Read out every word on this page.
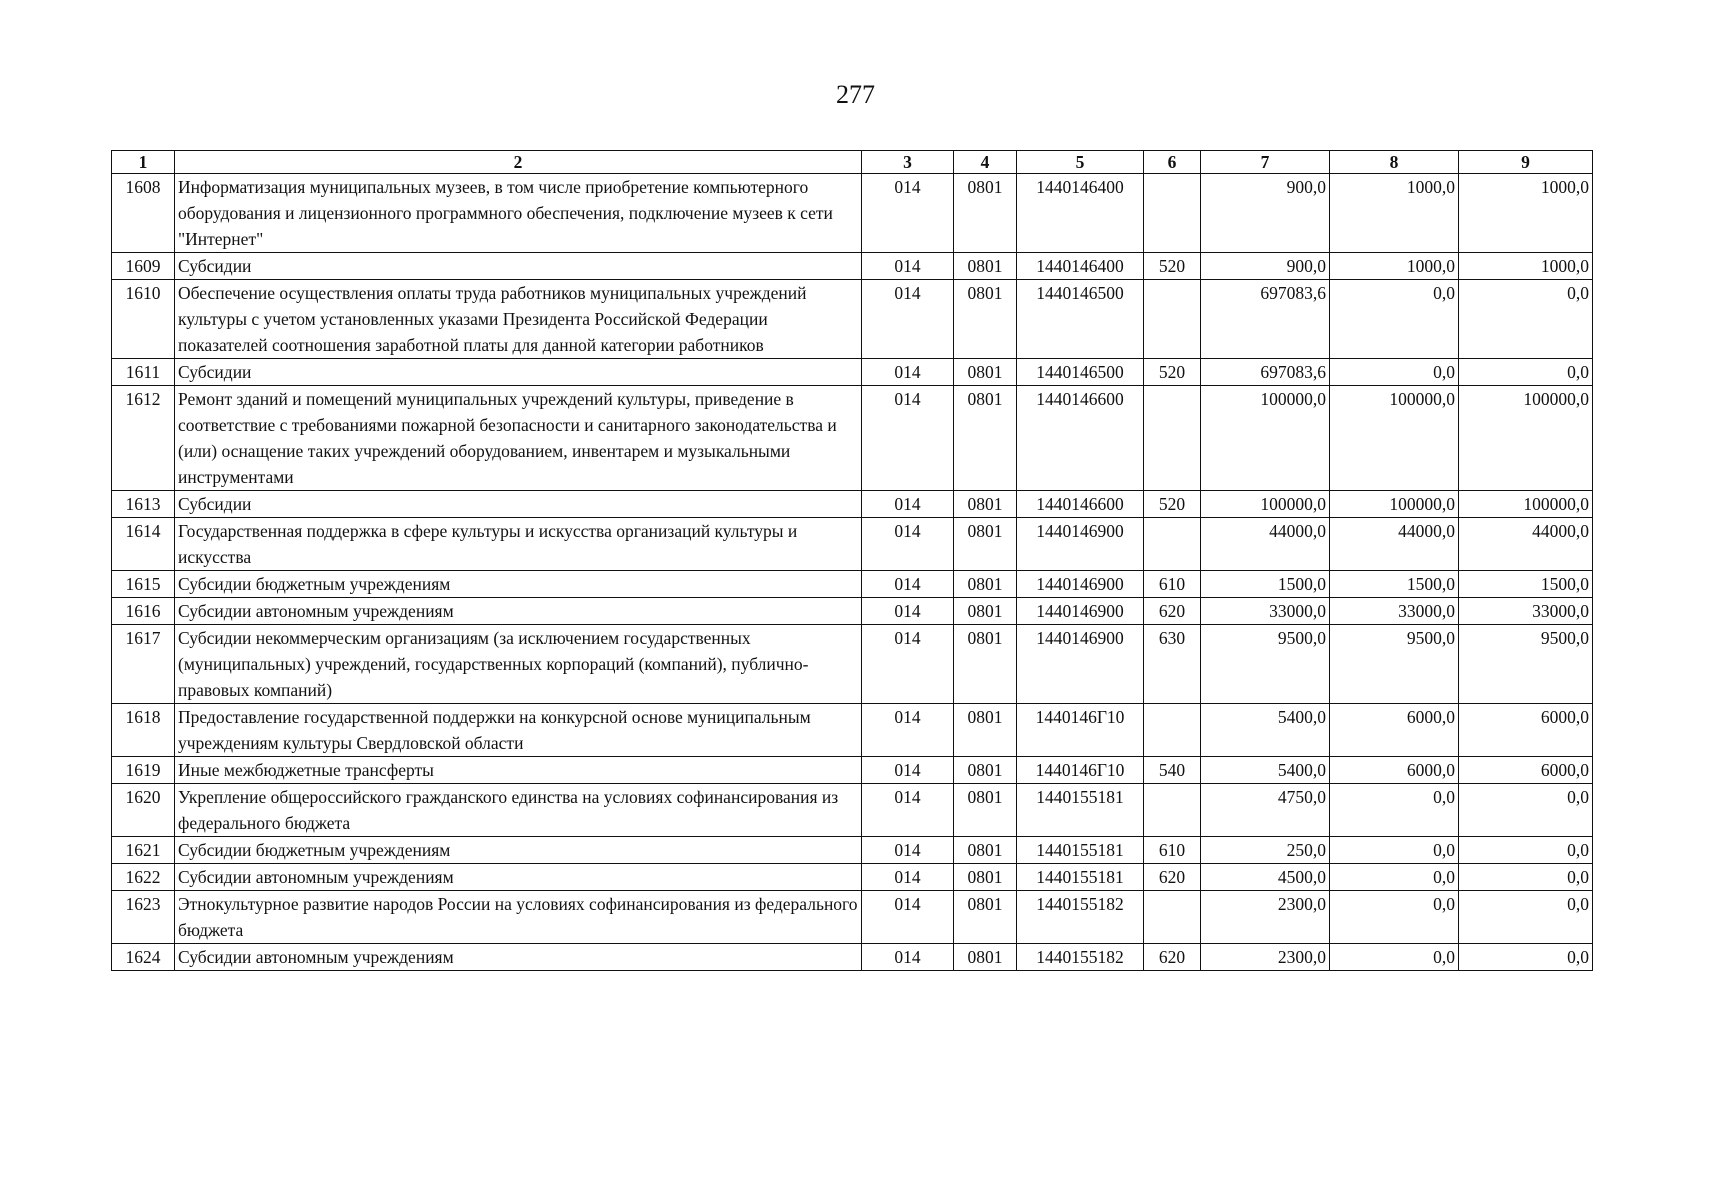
277
1	2	3	4	5	6	7	8	9
1608	Информатизация муниципальных музеев, в том числе приобретение компьютерного оборудования и лицензионного программного обеспечения, подключение музеев к сети "Интернет"	014	0801	1440146400		900,0	1000,0	1000,0
1609	Субсидии	014	0801	1440146400	520	900,0	1000,0	1000,0
1610	Обеспечение осуществления оплаты труда работников муниципальных учреждений культуры с учетом установленных указами Президента Российской Федерации показателей соотношения заработной платы для данной категории работников	014	0801	1440146500		697083,6	0,0	0,0
1611	Субсидии	014	0801	1440146500	520	697083,6	0,0	0,0
1612	Ремонт зданий и помещений муниципальных учреждений культуры, приведение в соответствие с требованиями пожарной безопасности и санитарного законодательства и (или) оснащение таких учреждений оборудованием, инвентарем и музыкальными инструментами	014	0801	1440146600		100000,0	100000,0	100000,0
1613	Субсидии	014	0801	1440146600	520	100000,0	100000,0	100000,0
1614	Государственная поддержка в сфере культуры и искусства организаций культуры и искусства	014	0801	1440146900		44000,0	44000,0	44000,0
1615	Субсидии бюджетным учреждениям	014	0801	1440146900	610	1500,0	1500,0	1500,0
1616	Субсидии автономным учреждениям	014	0801	1440146900	620	33000,0	33000,0	33000,0
1617	Субсидии некоммерческим организациям (за исключением государственных (муниципальных) учреждений, государственных корпораций (компаний), публично-правовых компаний)	014	0801	1440146900	630	9500,0	9500,0	9500,0
1618	Предоставление государственной поддержки на конкурсной основе муниципальным учреждениям культуры Свердловской области	014	0801	1440146Г10		5400,0	6000,0	6000,0
1619	Иные межбюджетные трансферты	014	0801	1440146Г10	540	5400,0	6000,0	6000,0
1620	Укрепление общероссийского гражданского единства на условиях софинансирования из федерального бюджета	014	0801	1440155181		4750,0	0,0	0,0
1621	Субсидии бюджетным учреждениям	014	0801	1440155181	610	250,0	0,0	0,0
1622	Субсидии автономным учреждениям	014	0801	1440155181	620	4500,0	0,0	0,0
1623	Этнокультурное развитие народов России на условиях софинансирования из федерального бюджета	014	0801	1440155182		2300,0	0,0	0,0
1624	Субсидии автономным учреждениям	014	0801	1440155182	620	2300,0	0,0	0,0
